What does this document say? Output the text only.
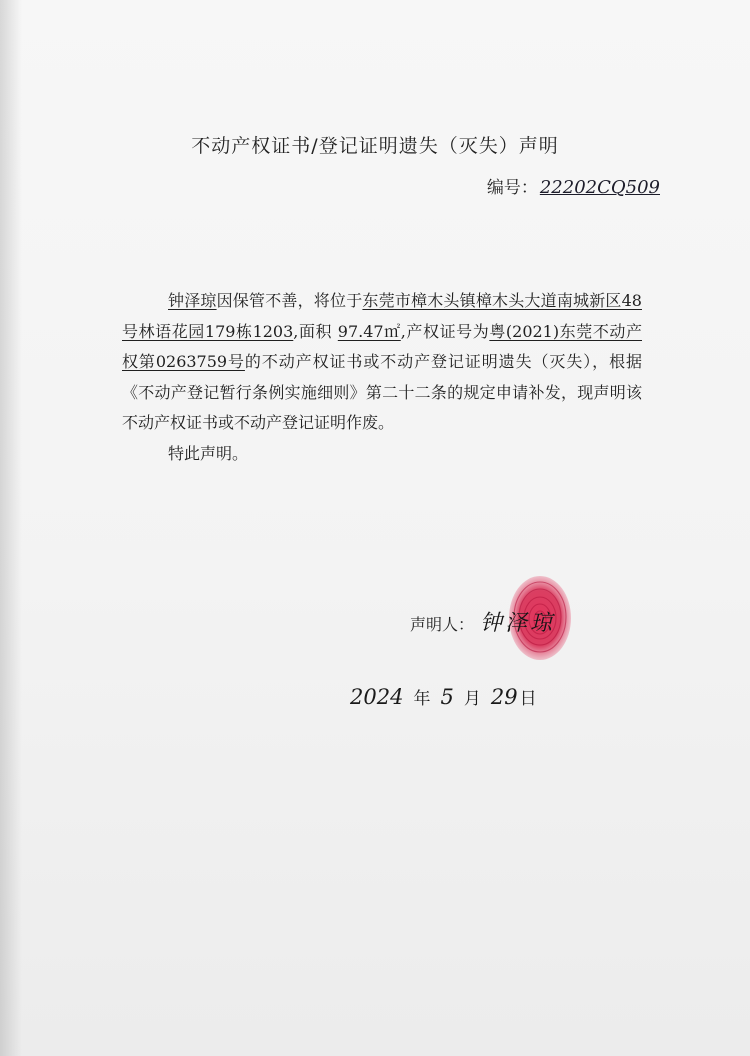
不动产权证书/登记证明遗失（灭失）声明
编号： 22202CQ509

钟泽琼因保管不善，将位于东莞市樟木头镇樟木头大道南城新区48号林语花园179栋1203,面积 97.47㎡,产权证号为粤(2021)东莞不动产权第0263759号的不动产权证书或不动产登记证明遗失（灭失），根据《不动产登记暂行条例实施细则》第二十二条的规定申请补发，现声明该不动产权证书或不动产登记证明作废。

特此声明。

声明人： 钟泽琼
2024 年 5 月 29 日
